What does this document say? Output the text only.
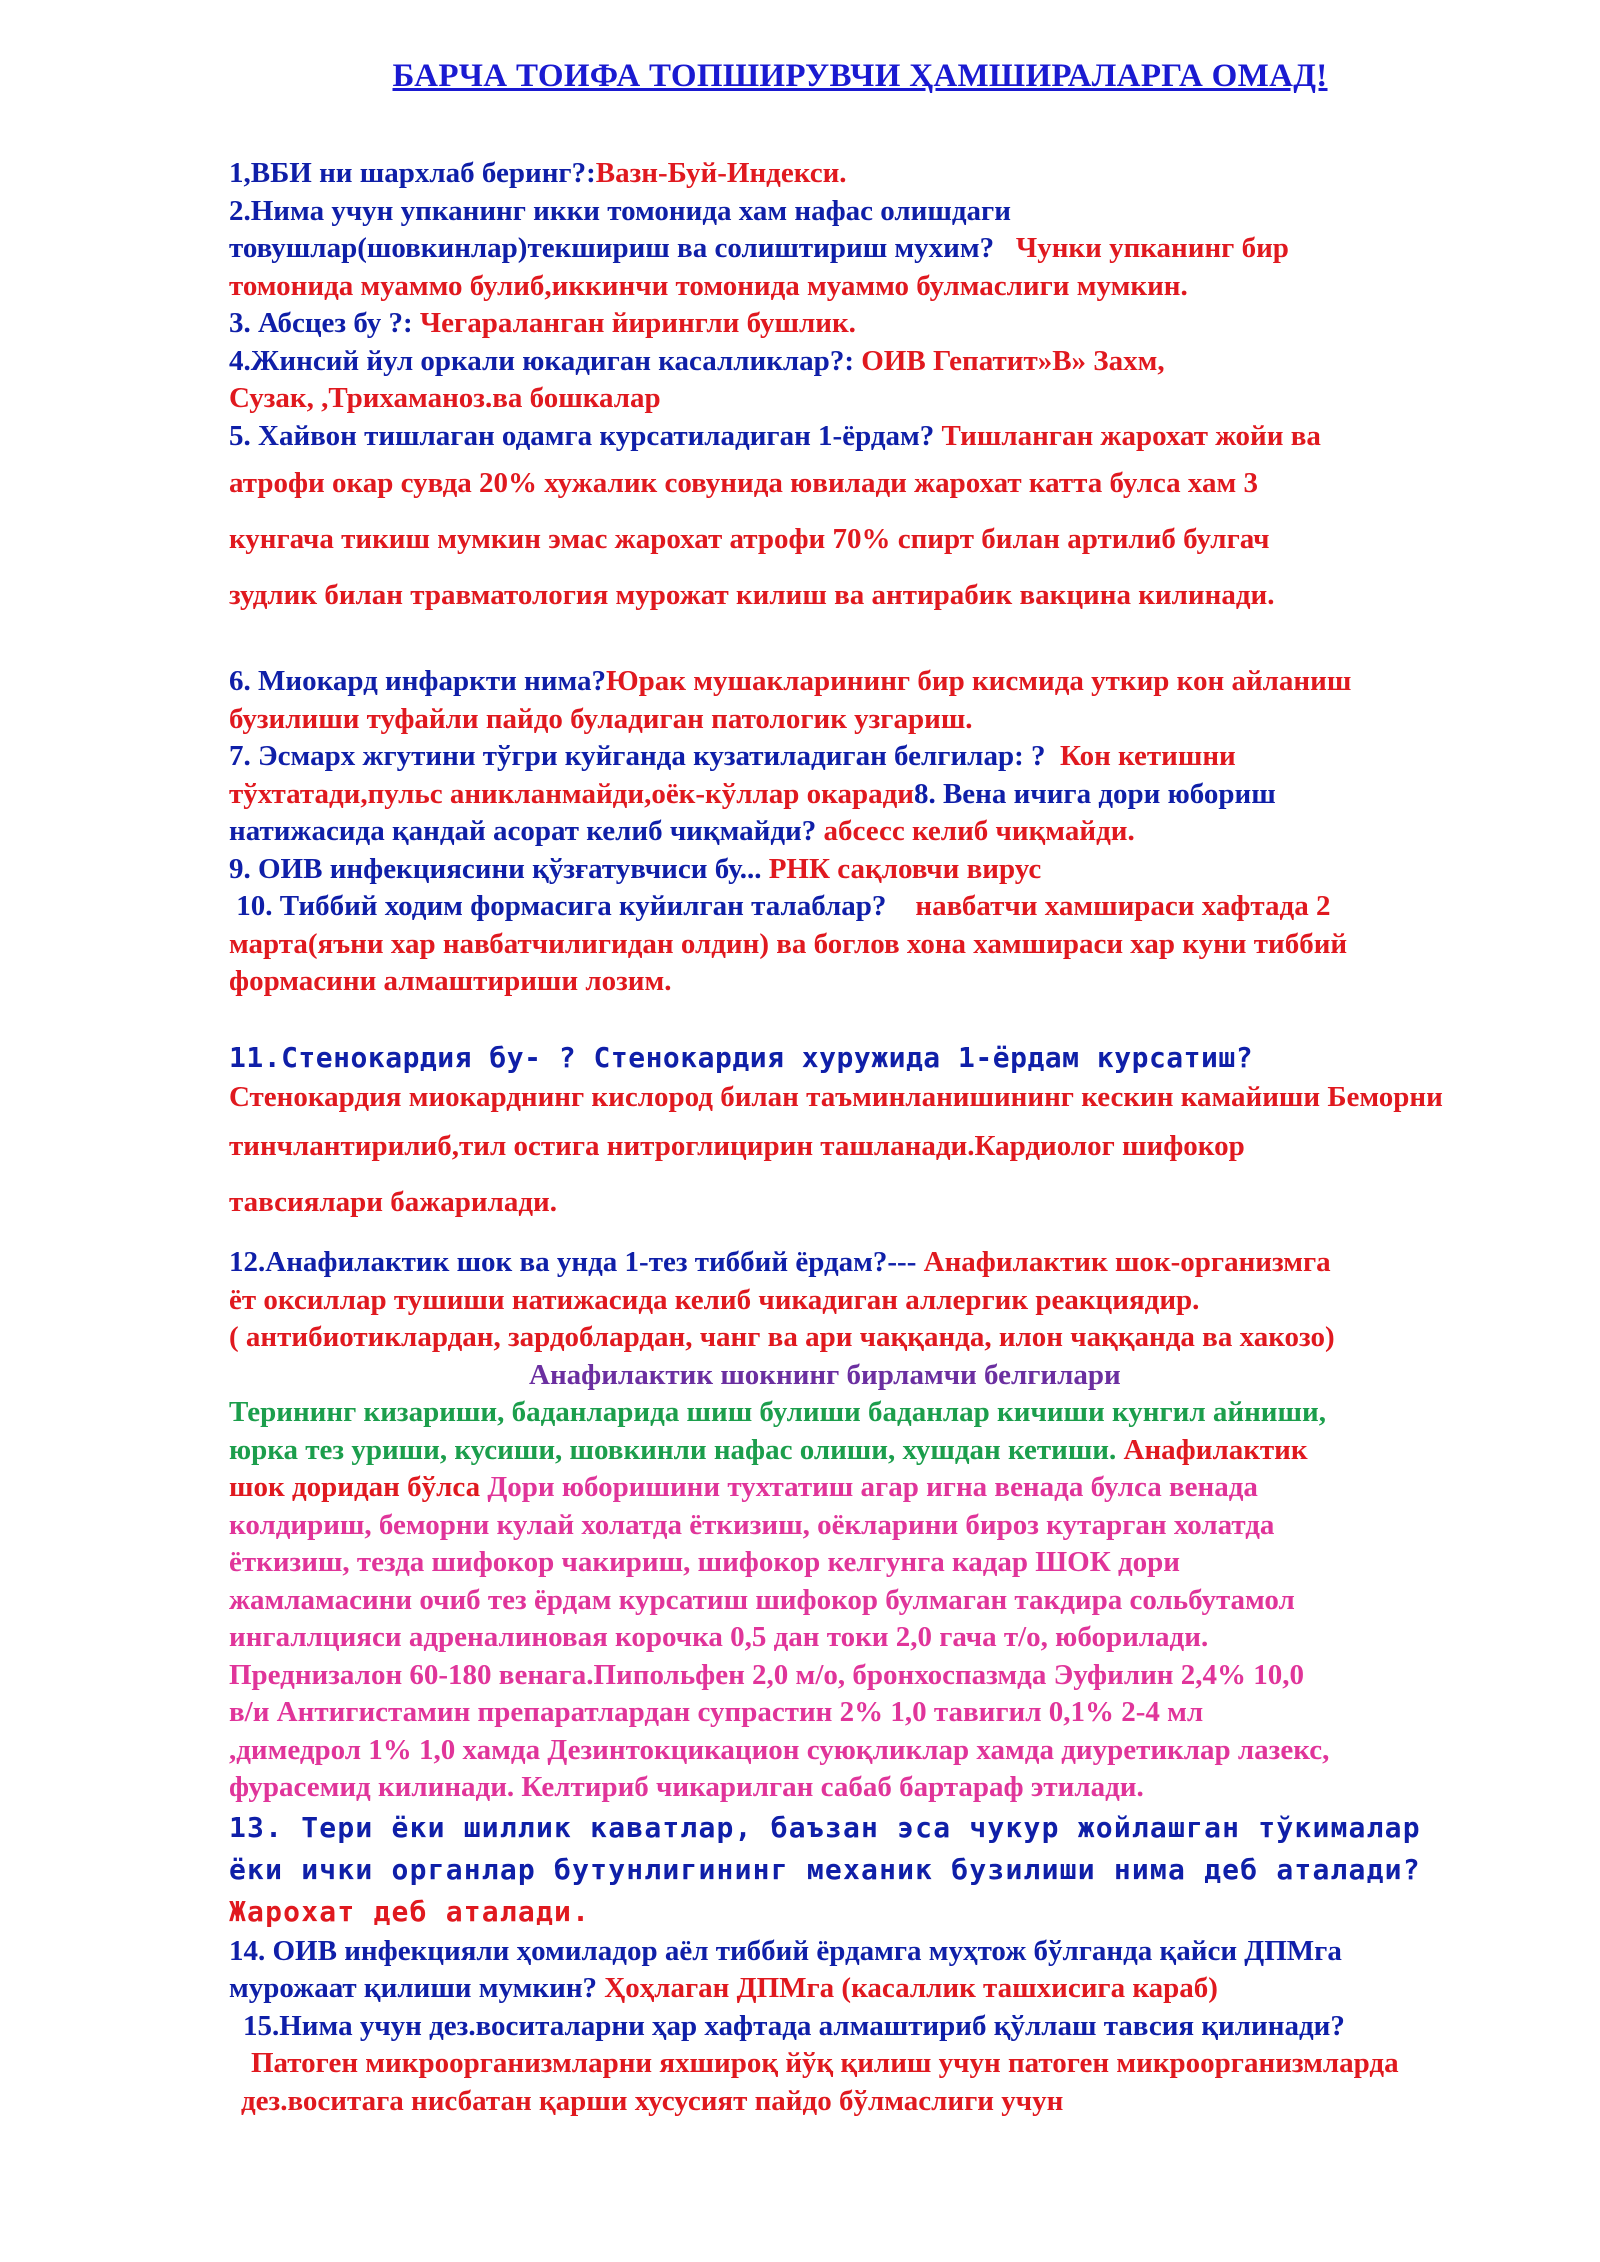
БАРЧА ТОИФА ТОПШИРУВЧИ ҲАМШИРАЛАРГА ОМАД!
1,ВБИ ни шархлаб беринг?:Вазн-Буй-Индекси.
2.Нима учун упканинг икки томонида хам нафас олишдаги
товушлар(шовкинлар)текшириш ва солиштириш мухим? Чунки упканинг бир
томонида муаммо булиб,иккинчи томонида муаммо булмаслиги мумкин.
3. Абсцез бу ?: Чегараланган йирингли бушлик.
4.Жинсий йул оркали юкадиган касалликлар?: ОИВ Гепатит»В» Захм,
Сузак, ,Трихаманоз.ва бошкалар
5. Хайвон тишлаган одамга курсатиладиган 1-ёрдам? Тишланган жарохат жойи ва
атрофи окар сувда 20% хужалик совунида ювилади жарохат катта булса хам 3
кунгача тикиш мумкин эмас жарохат атрофи 70% спирт билан артилиб булгач
зудлик билан травматология мурожат килиш ва антирабик вакцина килинади.
6. Миокард инфаркти нима?Юрак мушакларининг бир кисмида уткир кон айланиш
бузилиши туфайли пайдо буладиган патологик узгариш.
7. Эсмарх жгутини тўгри куйганда кузатиладиган белгилар: ? Кон кетишни
тўхтатади,пульс аникланмайди,оёк-кўллар окаради8. Вена ичига дори юбориш
натижасида қандай асорат келиб чиқмайди? абсесс келиб чиқмайди.
9. ОИВ инфекциясини қўзғатувчиси бу... РНК сақловчи вирус
10. Тиббий ходим формасига куйилган талаблар? навбатчи хамшираси хафтада 2
марта(яъни хар навбатчилигидан олдин) ва боглов хона хамшираси хар куни тиббий
формасини алмаштириши лозим.
11.Стенокардия бу- ? Стенокардия хуружида 1-ёрдам курсатиш?
Стенокардия миокарднинг кислород билан таъминланишининг кескин камайиши Беморни
тинчлантирилиб,тил остига нитроглицирин ташланади.Кардиолог шифокор
тавсиялари бажарилади.
12.Анафилактик шок ва унда 1-тез тиббий ёрдам?--- Анафилактик шок-организмга
ёт оксиллар тушиши натижасида келиб чикадиган аллергик реакциядир.
( антибиотиклардан, зардоблардан, чанг ва ари чаққанда, илон чаққанда ва хакозо)
Анафилактик шокнинг бирламчи белгилари
Терининг кизариши, баданларида шиш булиши баданлар кичиши кунгил айниши,
юрка тез уриши, кусиши, шовкинли нафас олиши, хушдан кетиши. Анафилактик
шок доридан бўлса Дори юборишини тухтатиш агар игна венада булса венада
колдириш, беморни кулай холатда ёткизиш, оёкларини бироз кутарган холатда
ёткизиш, тезда шифокор чакириш, шифокор келгунга кадар ШОК дори
жамламасини очиб тез ёрдам курсатиш шифокор булмаган такдира сольбутамол
ингаллцияси адреналиновая корочка 0,5 дан токи 2,0 гача т/о, юборилади.
Преднизалон 60-180 венага.Пипольфен 2,0 м/о, бронхоспазмда Эуфилин 2,4% 10,0
в/и Антигистамин препаратлардан супрастин 2% 1,0 тавигил 0,1% 2-4 мл
,димедрол 1% 1,0 хамда Дезинтокцикацион суюқликлар хамда диуретиклар лазекс,
фурасемид килинади. Келтириб чикарилган сабаб бартараф этилади.
13. Тери ёки шиллик каватлар, баъзан эса чукур жойлашган тўкималар
ёки ички органлар бутунлигининг механик бузилиши нима деб аталади?
Жарохат деб аталади.
14. ОИВ инфекцияли ҳомиладор аёл тиббий ёрдамга муҳтож бўлганда қайси ДПМга
мурожаат қилиши мумкин? Ҳоҳлаган ДПМга (касаллик ташхисига караб)
15.Нима учун дез.воситаларни ҳар хафтада алмаштириб қўллаш тавсия қилинади?
Патоген микроорганизмларни яхшироқ йўқ қилиш учун патоген микроорганизмларда
дез.воситага нисбатан қарши хусусият пайдо бўлмаслиги учун
